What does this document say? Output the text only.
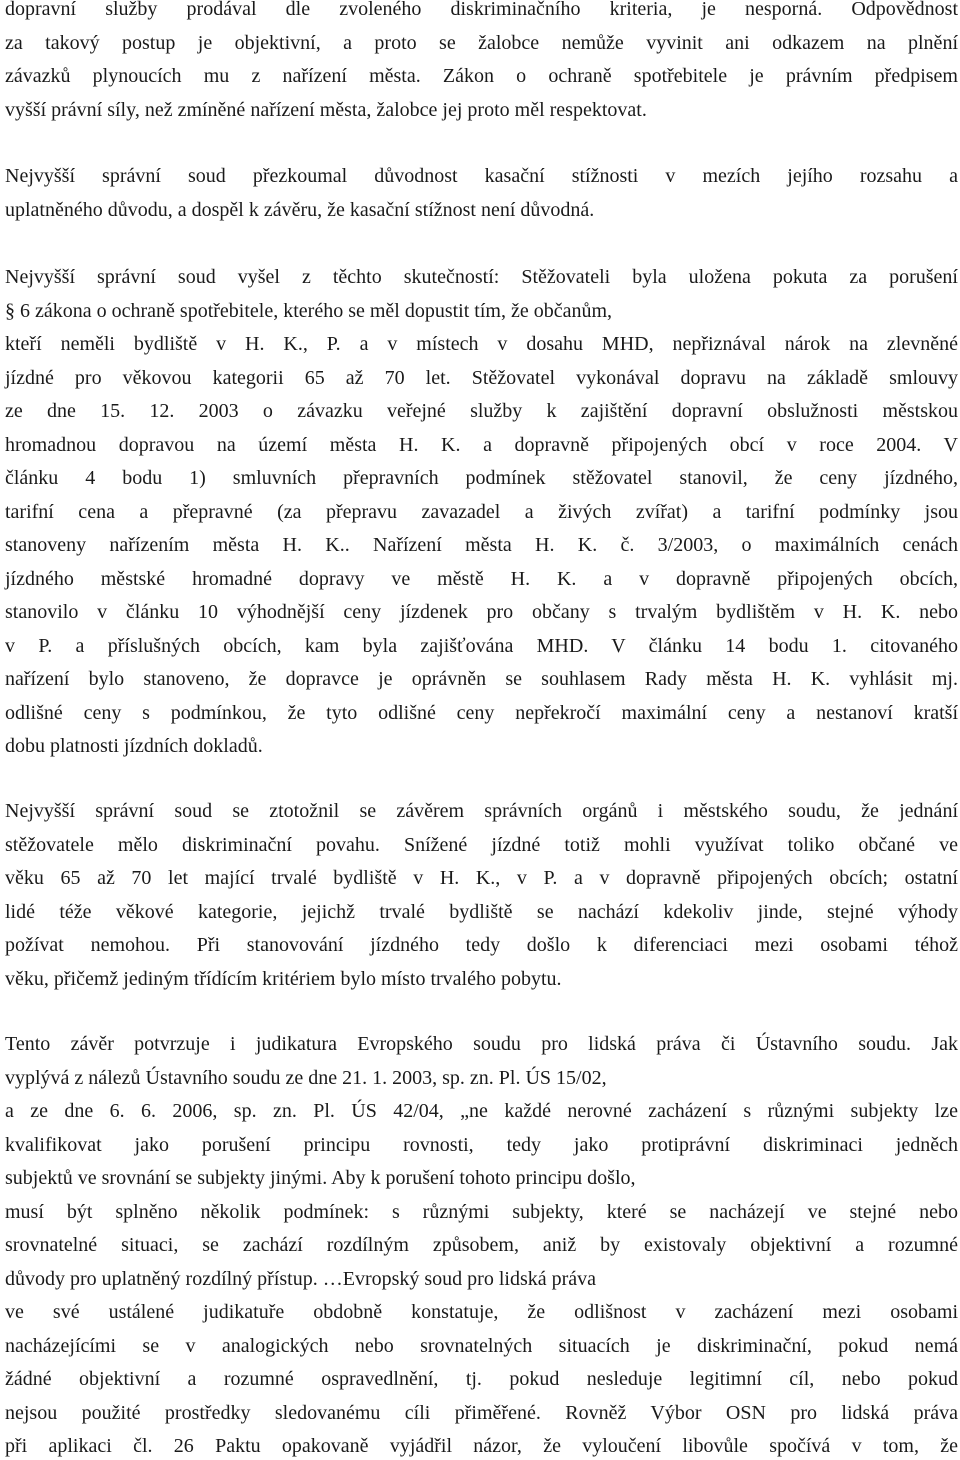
dopravní služby prodával dle zvoleného diskriminačního kriteria, je nesporná. Odpovědnost
za takový postup je objektivní, a proto se žalobce nemůže vyvinit ani odkazem na plnění
závazků plynoucích mu z nařízení města. Zákon o ochraně spotřebitele je právním předpisem
vyšší právní síly, než zmíněné nařízení města, žalobce jej proto měl respektovat.
Nejvyšší správní soud přezkoumal důvodnost kasační stížnosti v mezích jejího rozsahu a
uplatněného důvodu, a dospěl k závěru, že kasační stížnost není důvodná.
Nejvyšší správní soud vyšel z těchto skutečností: Stěžovateli byla uložena pokuta za porušení
§ 6 zákona o ochraně spotřebitele, kterého se měl dopustit tím, že občanům,
kteří neměli bydliště v H. K., P. a v místech v dosahu MHD, nepřiznával nárok na zlevněné
jízdné pro věkovou kategorii 65 až 70 let. Stěžovatel vykonával dopravu na základě smlouvy
ze dne 15. 12. 2003 o závazku veřejné služby k zajištění dopravní obslužnosti městskou
hromadnou dopravou na území města H. K. a dopravně připojených obcí v roce 2004. V
článku 4 bodu 1) smluvních přepravních podmínek stěžovatel stanovil, že ceny jízdného,
tarifní cena a přepravné (za přepravu zavazadel a živých zvířat) a tarifní podmínky jsou
stanoveny nařízením města H. K.. Nařízení města H. K. č. 3/2003, o maximálních cenách
jízdného městské hromadné dopravy ve městě H. K. a v dopravně připojených obcích,
stanovilo v článku 10 výhodnější ceny jízdenek pro občany s trvalým bydlištěm v H. K. nebo
v P. a příslušných obcích, kam byla zajišťována MHD. V článku 14 bodu 1. citovaného
nařízení bylo stanoveno, že dopravce je oprávněn se souhlasem Rady města H. K. vyhlásit mj.
odlišné ceny s podmínkou, že tyto odlišné ceny nepřekročí maximální ceny a nestanoví kratší
dobu platnosti jízdních dokladů.
Nejvyšší správní soud se ztotožnil se závěrem správních orgánů i městského soudu, že jednání
stěžovatele mělo diskriminační povahu. Snížené jízdné totiž mohli využívat toliko občané ve
věku 65 až 70 let mající trvalé bydliště v H. K., v P. a v dopravně připojených obcích; ostatní
lidé téže věkové kategorie, jejichž trvalé bydliště se nachází kdekoliv jinde, stejné výhody
požívat nemohou. Při stanovování jízdného tedy došlo k diferenciaci mezi osobami téhož
věku, přičemž jediným třídícím kritériem bylo místo trvalého pobytu.
Tento závěr potvrzuje i judikatura Evropského soudu pro lidská práva či Ústavního soudu. Jak
vyplývá z nálezů Ústavního soudu ze dne 21. 1. 2003, sp. zn. Pl. ÚS 15/02,
a ze dne 6. 6. 2006, sp. zn. Pl. ÚS 42/04, „ne každé nerovné zacházení s různými subjekty lze
kvalifikovat jako porušení principu rovnosti, tedy jako protiprávní diskriminaci jedněch
subjektů ve srovnání se subjekty jinými. Aby k porušení tohoto principu došlo,
musí být splněno několik podmínek: s různými subjekty, které se nacházejí ve stejné nebo
srovnatelné situaci, se zachází rozdílným způsobem, aniž by existovaly objektivní a rozumné
důvody pro uplatněný rozdílný přístup. …Evropský soud pro lidská práva
ve své ustálené judikatuře obdobně konstatuje, že odlišnost v zacházení mezi osobami
nacházejícími se v analogických nebo srovnatelných situacích je diskriminační, pokud nemá
žádné objektivní a rozumné ospravedlnění, tj. pokud nesleduje legitimní cíl, nebo pokud
nejsou použité prostředky sledovanému cíli přiměřené. Rovněž Výbor OSN pro lidská práva
při aplikaci čl. 26 Paktu opakovaně vyjádřil názor, že vyloučení libovůle spočívá v tom, že
